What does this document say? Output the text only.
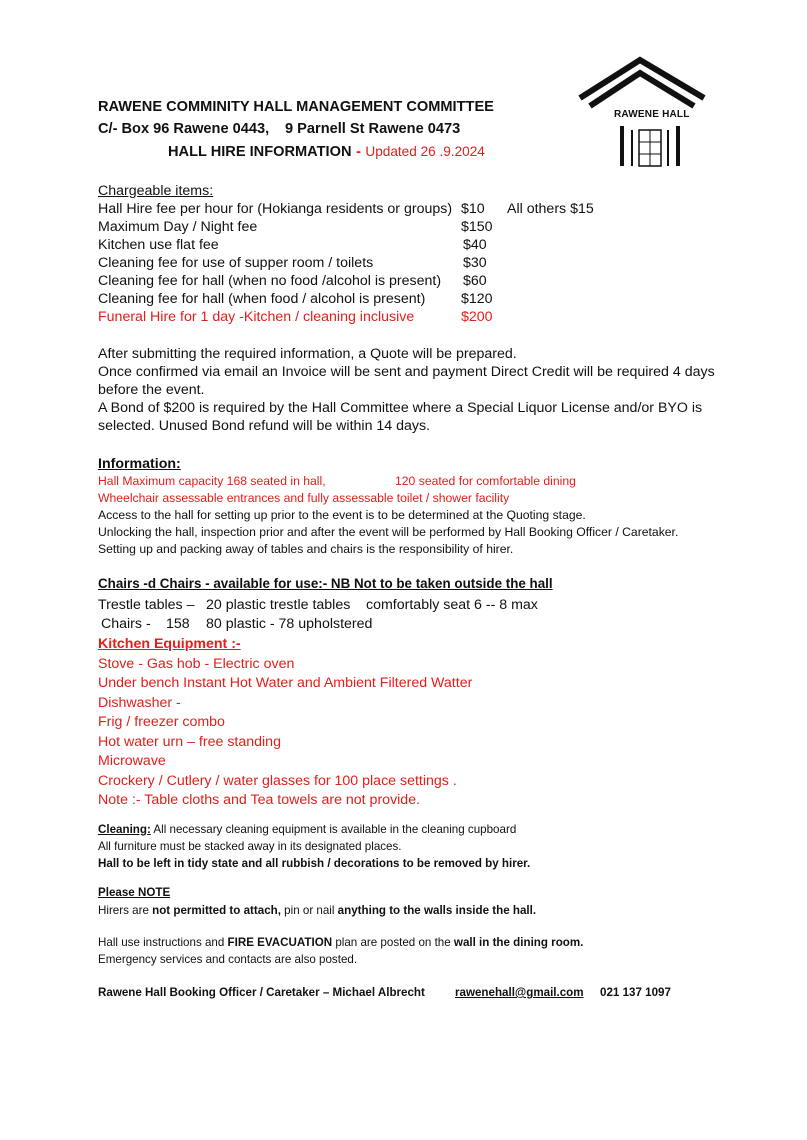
RAWENE COMMINITY HALL MANAGEMENT COMMITTEE
C/- Box 96 Rawene 0443, 9 Parnell St Rawene 0473
HALL HIRE INFORMATION - Updated 26 .9.2024
RAWENE HALL
Chargeable items:
Hall Hire fee per hour for (Hokianga residents or groups) $10 All others $15
Maximum Day / Night fee	$150
Kitchen use flat fee	$40
Cleaning fee for use of supper room / toilets	$30
Cleaning fee for hall (when no food /alcohol is present) $60
Cleaning fee for hall (when food / alcohol is present)	$120
Funeral Hire for 1 day -Kitchen / cleaning inclusive	$200
After submitting the required information, a Quote will be prepared.
Once confirmed via email an Invoice will be sent and payment Direct Credit will be required 4 days
before the event.
A Bond of $200 is required by the Hall Committee where a Special Liquor License and/or BYO is
selected. Unused Bond refund will be within 14 days.
Information:
Hall Maximum capacity 168 seated in hall,	120 seated for comfortable dining
Wheelchair assessable entrances and fully assessable toilet / shower facility
Access to the hall for setting up prior to the event is to be determined at the Quoting stage.
Unlocking the hall, inspection prior and after the event will be performed by Hall Booking Officer / Caretaker.
Setting up and packing away of tables and chairs is the responsibility of hirer.
Chairs -d Chairs - available for use:- NB Not to be taken outside the hall
Trestle tables – 20 plastic trestle tables comfortably seat 6 -- 8 max
Chairs - 158 80 plastic - 78 upholstered
Kitchen Equipment :-
Stove - Gas hob - Electric oven
Under bench Instant Hot Water and Ambient Filtered Watter
Dishwasher -
Frig / freezer combo
Hot water urn – free standing
Microwave
Crockery / Cutlery / water glasses for 100 place settings .
Note :- Table cloths and Tea towels are not provide.
Cleaning: All necessary cleaning equipment is available in the cleaning cupboard
All furniture must be stacked away in its designated places.
Hall to be left in tidy state and all rubbish / decorations to be removed by hirer.
Please NOTE
Hirers are not permitted to attach, pin or nail anything to the walls inside the hall.
Hall use instructions and FIRE EVACUATION plan are posted on the wall in the dining room.
Emergency services and contacts are also posted.
Rawene Hall Booking Officer / Caretaker – Michael Albrecht	rawenehall@gmail.com 021 137 1097
